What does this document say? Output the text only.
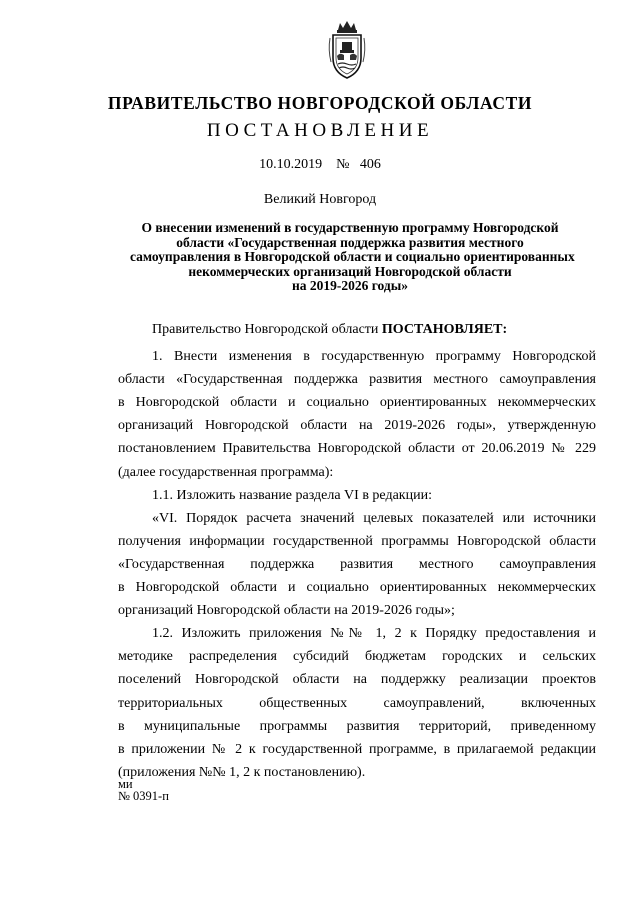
ПРАВИТЕЛЬСТВО НОВГОРОДСКОЙ ОБЛАСТИ
ПОСТАНОВЛЕНИЕ
10.10.2019 № 406
Великий Новгород
О внесении изменений в государственную программу Новгородской
области «Государственная поддержка развития местного
самоуправления в Новгородской области и социально ориентированных
некоммерческих организаций Новгородской области
на 2019-2026 годы»

Правительство Новгородской области ПОСТАНОВЛЯЕТ:

1. Внести изменения в государственную программу Новгородской
области «Государственная поддержка развития местного самоуправления
в Новгородской области и социально ориентированных некоммерческих
организаций Новгородской области на 2019-2026 годы», утвержденную
постановлением Правительства Новгородской области от 20.06.2019 № 229
(далее государственная программа):

1.1. Изложить название раздела VI в редакции:

«VI. Порядок расчета значений целевых показателей или источники
получения информации государственной программы Новгородской области
«Государственная поддержка развития местного самоуправления
в Новгородской области и социально ориентированных некоммерческих
организаций Новгородской области на 2019-2026 годы»;

1.2. Изложить приложения №№ 1, 2 к Порядку предоставления и
методике распределения субсидий бюджетам городских и сельских
поселений Новгородской области на поддержку реализации проектов
территориальных общественных самоуправлений, включенных
в муниципальные программы развития территорий, приведенному
в приложении № 2 к государственной программе, в прилагаемой редакции
(приложения №№ 1, 2 к постановлению).

ми
№ 0391-п
